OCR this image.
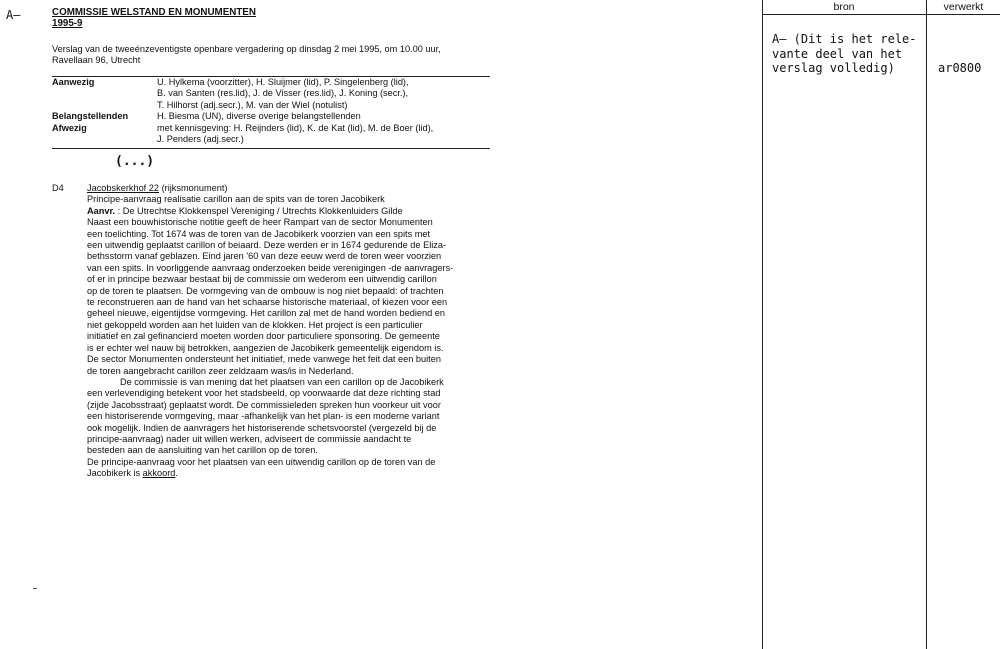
A–	COMMISSIE WELSTAND EN MONUMENTEN
1995-9
Verslag van de tweeénzeventigste openbare vergadering op dinsdag 2 mei 1995, om 10.00 uur,
Ravellaan 96, Utrecht
Aanwezig	U. Hylkema (voorzitter), H. Sluijmer (lid), P. Singelenberg (lid),
B. van Santen (res.lid), J. de Visser (res.lid), J. Koning (secr.),
T. Hilhorst (adj.secr.), M. van der Wiel (notulist)
Belangstellenden	H. Biesma (UN), diverse overige belangstellenden
Afwezig	met kennisgeving: H. Reijnders (lid), K. de Kat (lid), M. de Boer (lid),
J. Penders (adj.secr.)
(...)
D4	Jacobskerkhof 22 (rijksmonument)
Principe-aanvraag realisatie carillon aan de spits van de toren Jacobikerk
Aanvr. : De Utrechtse Klokkenspel Vereniging / Utrechts Klokkenluiders Gilde
Naast een bouwhistorische notitie geeft de heer Rampart van de sector Monumenten
een toelichting. Tot 1674 was de toren van de Jacobikerk voorzien van een spits met
een uitwendig geplaatst carillon of beiaard. Deze werden er in 1674 gedurende de Eliza-
bethsstorm vanaf geblazen. Eind jaren '60 van deze eeuw werd de toren weer voorzien
van een spits. In voorliggende aanvraag onderzoeken beide verenigingen -de aanvragers-
of er in principe bezwaar bestaat bij de commissie om wederom een uitwendig carillon
op de toren te plaatsen. De vormgeving van de ombouw is nog niet bepaald: of trachten
te reconstrueren aan de hand van het schaarse historische materiaal, of kiezen voor een
geheel nieuwe, eigentijdse vormgeving. Het carillon zal met de hand worden bediend en
niet gekoppeld worden aan het luiden van de klokken. Het project is een particulier
initiatief en zal gefinancierd moeten worden door particuliere sponsoring. De gemeente
is er echter wel nauw bij betrokken, aangezien de Jacobikerk gemeentelijk eigendom is.
De sector Monumenten ondersteunt het initiatief, mede vanwege het feit dat een buiten
de toren aangebracht carillon zeer zeldzaam was/is in Nederland.
De commissie is van mening dat het plaatsen van een carillon op de Jacobikerk
een verlevendiging betekent voor het stadsbeeld, op voorwaarde dat deze richting stad
(zijde Jacobsstraat) geplaatst wordt. De commissieleden spreken hun voorkeur uit voor
een historiserende vormgeving, maar -afhankelijk van het plan- is een moderne variant
ook mogelijk. Indien de aanvragers het historiserende schetsvoorstel (vergezeld bij de
principe-aanvraag) nader uit willen werken, adviseert de commissie aandacht te
besteden aan de aansluiting van het carillon op de toren.
De principe-aanvraag voor het plaatsen van een uitwendig carillon op de toren van de
Jacobikerk is akkoord.
bron	verwerkt
A– (Dit is het rele-
vante deel van het
verslag volledig)	ar0800
